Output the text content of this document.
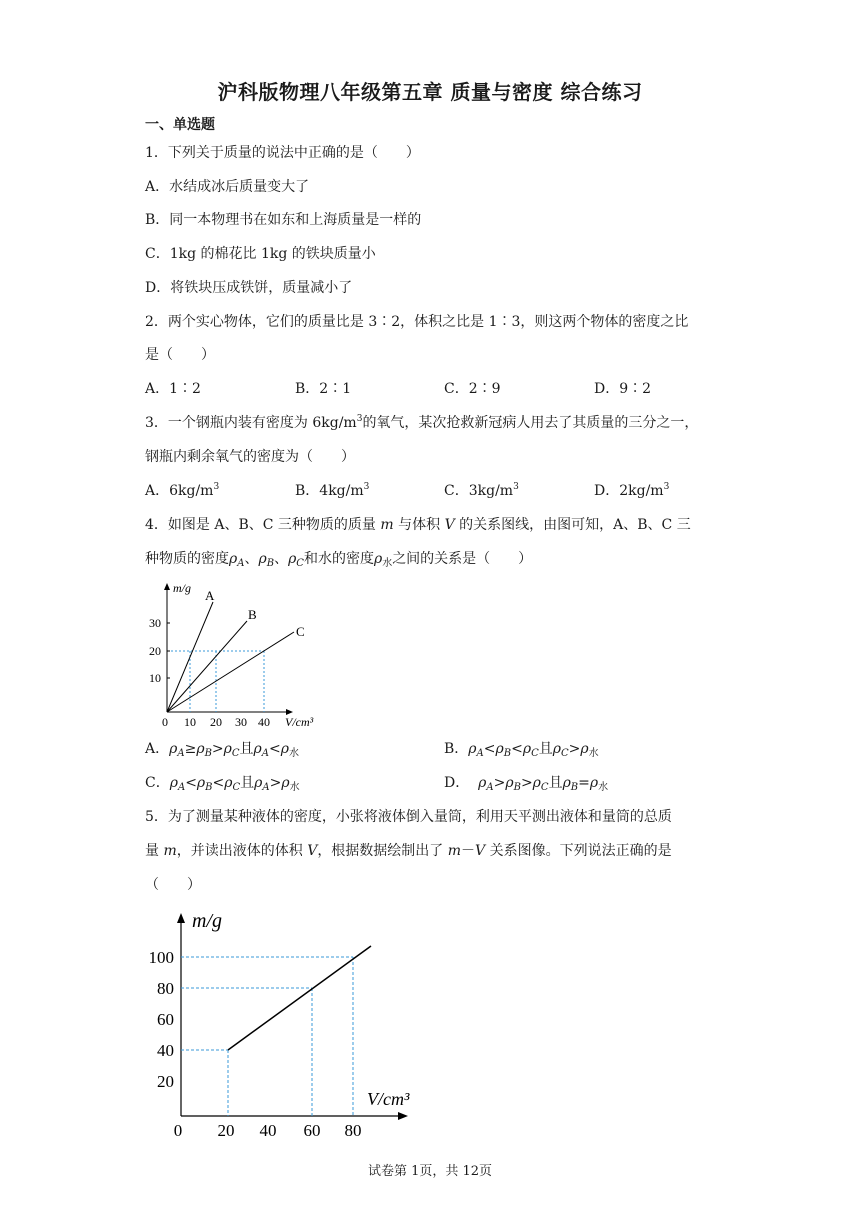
沪科版物理八年级第五章 质量与密度 综合练习
一、单选题
1．下列关于质量的说法中正确的是（　　）
A．水结成冰后质量变大了
B．同一本物理书在如东和上海质量是一样的
C．1kg 的棉花比 1kg 的铁块质量小
D．将铁块压成铁饼，质量减小了
2．两个实心物体，它们的质量比是 3∶2，体积之比是 1∶3，则这两个物体的密度之比
是（　　）
A．1∶2	B．2∶1	C．2∶9	D．9∶2
3．一个钢瓶内装有密度为 $6kg/m^3$的氧气，某次抢救新冠病人用去了其质量的三分之一，
钢瓶内剩余氧气的密度为（　　）
A．$6kg/m^3$	B．$4kg/m^3$	C．$3kg/m^3$	D．$2kg/m^3$
4．如图是 A、B、C 三种物质的质量 m 与体积 V 的关系图线，由图可知，A、B、C 三
种物质的密度$\rho_A$、$\rho_B$、$\rho_C$和水的密度$\rho_水$之间的关系是（　　）
A
B
C
m/g
30
20
10
0 10 20 30 40 V/cm³
A．$\rho_A\ge\rho_B>\rho_C$且$\rho_A<\rho_水$	B．$\rho_A<\rho_B<\rho_C$且$\rho_C>\rho_水$
C．$\rho_A<\rho_B<\rho_C$且$\rho_A>\rho_水$	D． $\rho_A>\rho_B>\rho_C$且$\rho_B=\rho_水$
5．为了测量某种液体的密度，小张将液体倒入量筒，利用天平测出液体和量筒的总质
量 m，并读出液体的体积 V，根据数据绘制出了 m－V 关系图像。下列说法正确的是
（　　）
m/g
100
80
60
40
20
0 20 40 60 80
V/cm³
试卷第 1页，共 12页
